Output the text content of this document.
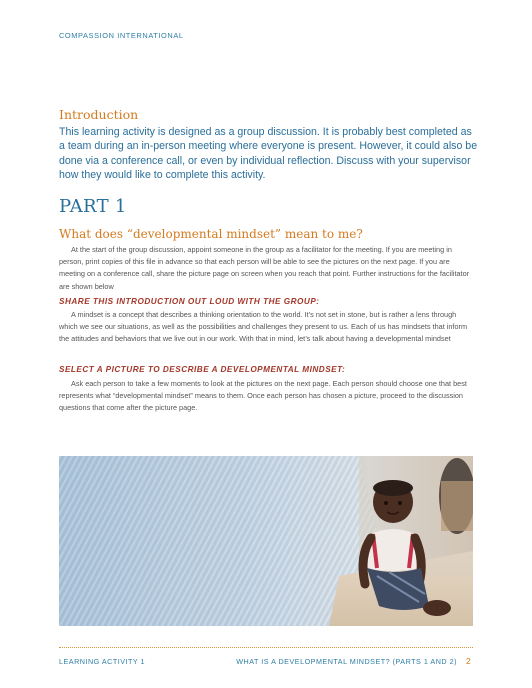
COMPASSION INTERNATIONAL
Introduction

This learning activity is designed as a group discussion. It is probably best completed as a team during an in-person meeting where everyone is present. However, it could also be done via a conference call, or even by individual reflection. Discuss with your supervisor how they would like to complete this activity.

PART 1
What does “developmental mindset” mean to me?

At the start of the group discussion, appoint someone in the group as a facilitator for the meeting. If you are meeting in person, print copies of this file in advance so that each person will be able to see the pictures on the next page. If you are meeting on a conference call, share the picture page on screen when you reach that point. Further instructions for the facilitator are shown below

SHARE THIS INTRODUCTION OUT LOUD WITH THE GROUP:

A mindset is a concept that describes a thinking orientation to the world. It’s not set in stone, but is rather a lens through which we see our situations, as well as the possibilities and challenges they present to us. Each of us has mindsets that inform the attitudes and behaviors that we live out in our work. With that in mind, let’s talk about having a developmental mindset

SELECT A PICTURE TO DESCRIBE A DEVELOPMENTAL MINDSET:

Ask each person to take a few moments to look at the pictures on the next page. Each person should choose one that best represents what “developmental mindset” means to them. Once each person has chosen a picture, proceed to the discussion questions that come after the picture page.

LEARNING ACTIVITY 1	WHAT IS A DEVELOPMENTAL MINDSET? (PARTS 1 AND 2) 2
